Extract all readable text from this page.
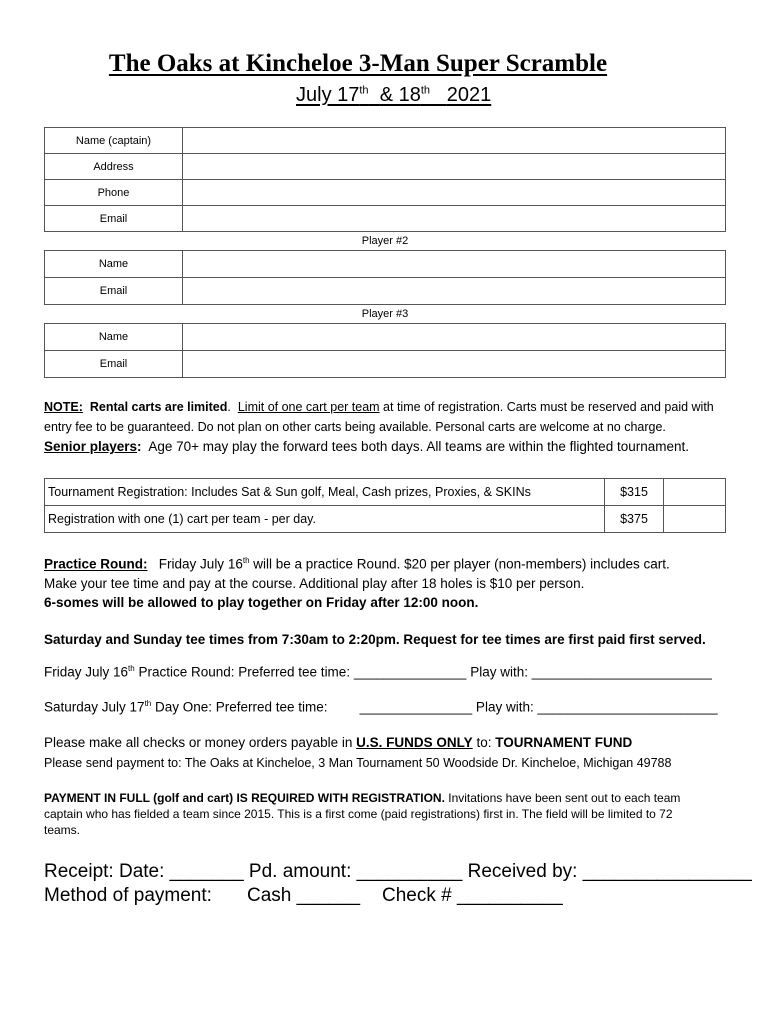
The Oaks at Kincheloe 3-Man Super Scramble
July 17th & 18th 2021
Name (captain)	
Address	
Phone	
Email	
Player #2
Name	
Email	
Player #3
Name	
Email	
NOTE: Rental carts are limited. Limit of one cart per team at time of registration. Carts must be reserved and paid with
entry fee to be guaranteed. Do not plan on other carts being available. Personal carts are welcome at no charge.
Senior players: Age 70+ may play the forward tees both days. All teams are within the flighted tournament.
Tournament Registration: Includes Sat & Sun golf, Meal, Cash prizes, Proxies, & SKINs	$315	
Registration with one (1) cart per team - per day.	$375	
Practice Round: Friday July 16th will be a practice Round. $20 per player (non-members) includes cart.
Make your tee time and pay at the course. Additional play after 18 holes is $10 per person.
6-somes will be allowed to play together on Friday after 12:00 noon.
Saturday and Sunday tee times from 7:30am to 2:20pm. Request for tee times are first paid first served.
Friday July 16th Practice Round: Preferred tee time: _______________ Play with: ________________________
Saturday July 17th Day One: Preferred tee time: _______________ Play with: ________________________
Please make all checks or money orders payable in U.S. FUNDS ONLY to: TOURNAMENT FUND
Please send payment to: The Oaks at Kincheloe, 3 Man Tournament 50 Woodside Dr. Kincheloe, Michigan 49788
PAYMENT IN FULL (golf and cart) IS REQUIRED WITH REGISTRATION. Invitations have been sent out to each team
captain who has fielded a team since 2015. This is a first come (paid registrations) first in. The field will be limited to 72
teams.
Receipt: Date: _______ Pd. amount: __________ Received by: ________________
Method of payment: Cash ______ Check # __________
